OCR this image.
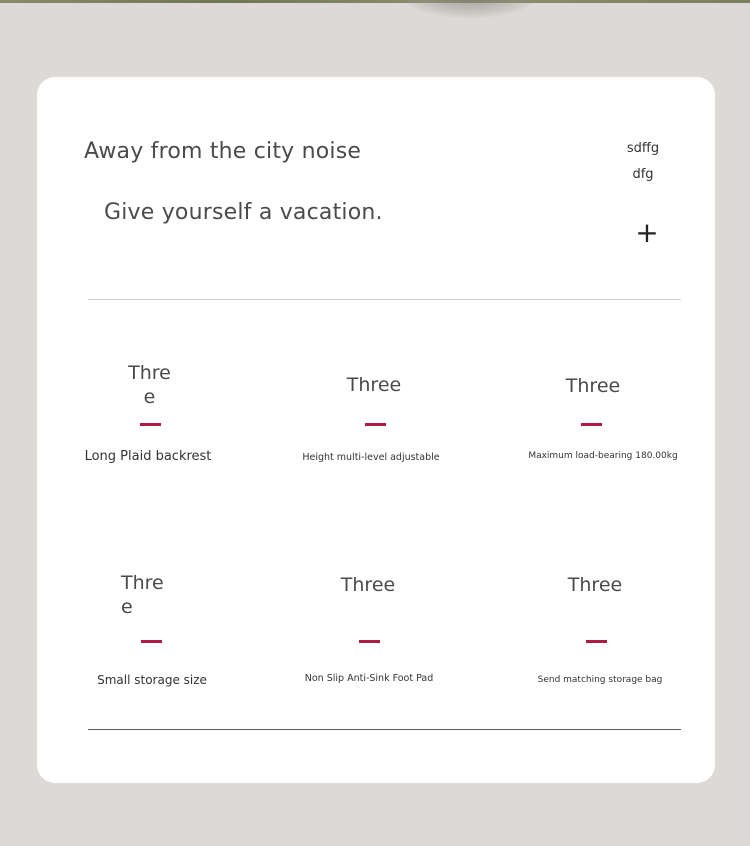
Away from the city noise
Give yourself a vacation.
sdffg
dfg
+
Three
Long Plaid backrest
Three
Height multi-level adjustable
Three
Maximum load-bearing 180.00kg
Three
Small storage size
Three
Non Slip Anti-Sink Foot Pad
Three
Send matching storage bag
